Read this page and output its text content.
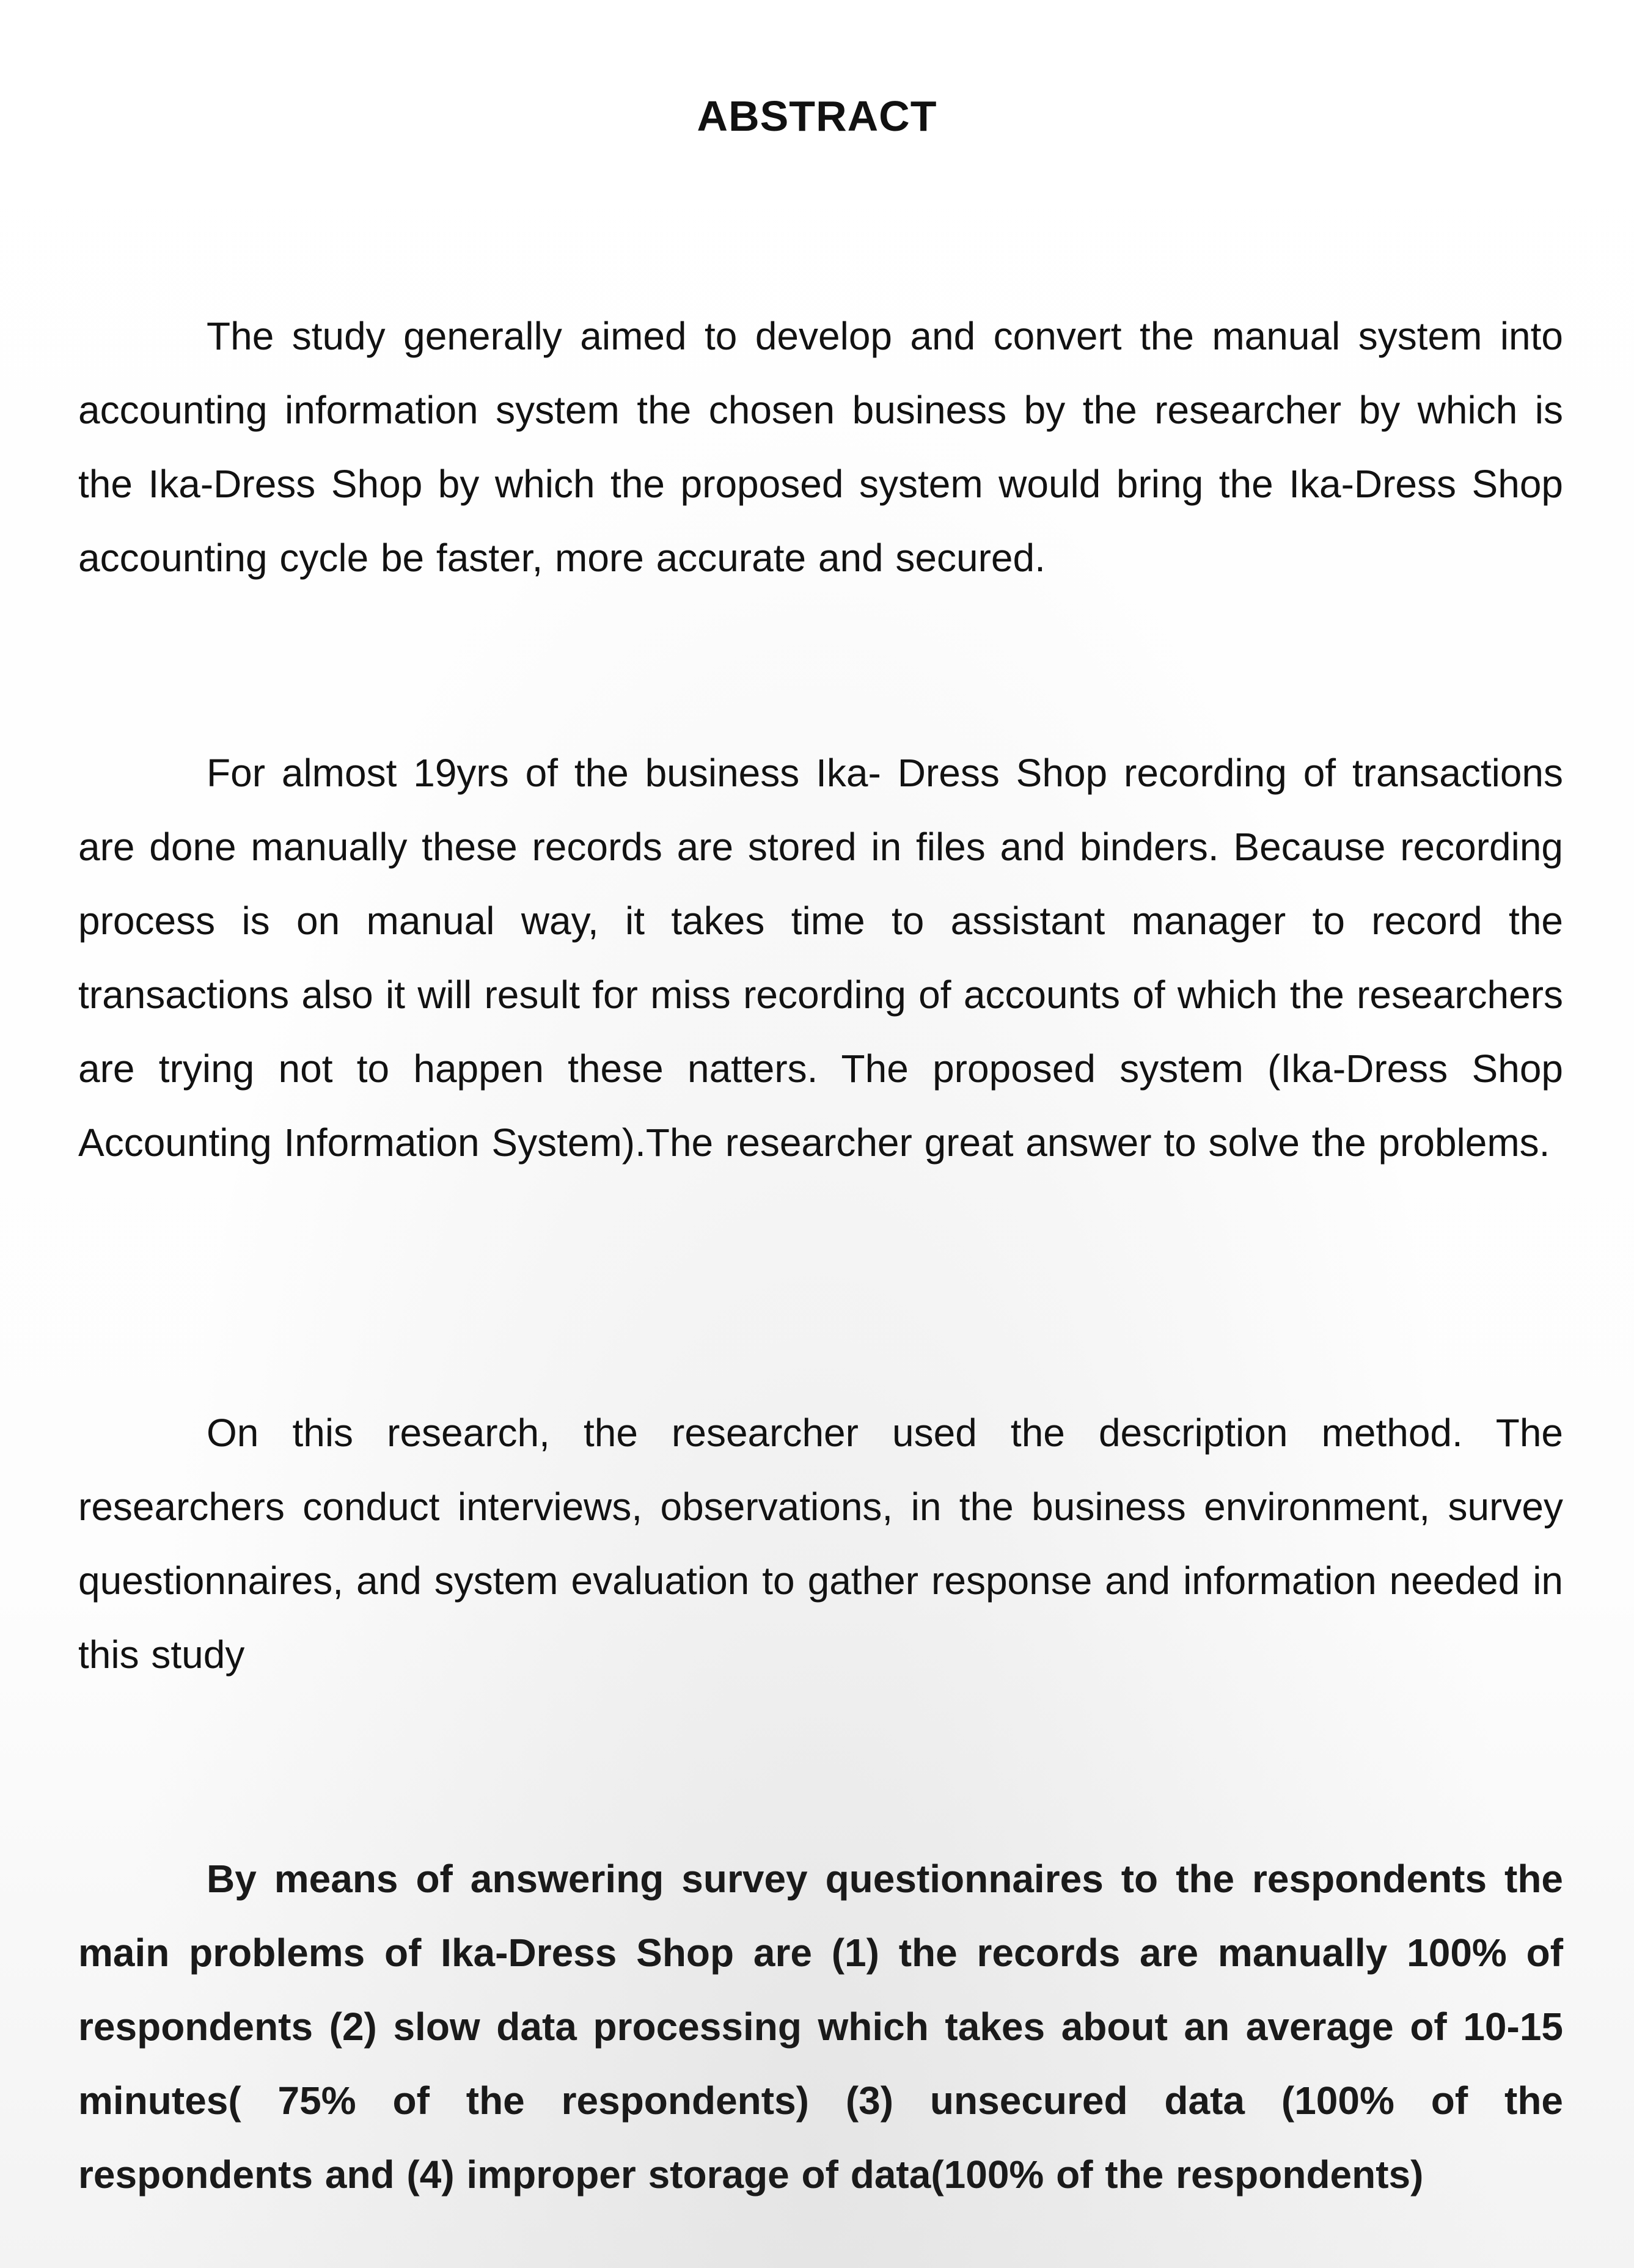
ABSTRACT

The study generally aimed to develop and convert the manual system into accounting information system the chosen business by the researcher by which is the Ika-Dress Shop by which the proposed system would bring the Ika-Dress Shop accounting cycle be faster, more accurate and secured.

For almost 19yrs of the business Ika- Dress Shop recording of transactions are done manually these records are stored in files and binders. Because recording process is on manual way, it takes time to assistant manager to record the transactions also it will result for miss recording of accounts of which the researchers are trying not to happen these natters. The proposed system (Ika-Dress Shop Accounting Information System).The researcher great answer to solve the problems.

On this research, the researcher used the description method. The researchers conduct interviews, observations, in the business environment, survey questionnaires, and system evaluation to gather response and information needed in this study

By means of answering survey questionnaires to the respondents the main problems of Ika-Dress Shop are (1) the records are manually 100% of respondents (2) slow data processing which takes about an average of 10-15 minutes( 75% of the respondents) (3) unsecured data (100% of the respondents and (4) improper storage of data(100% of the respondents)
